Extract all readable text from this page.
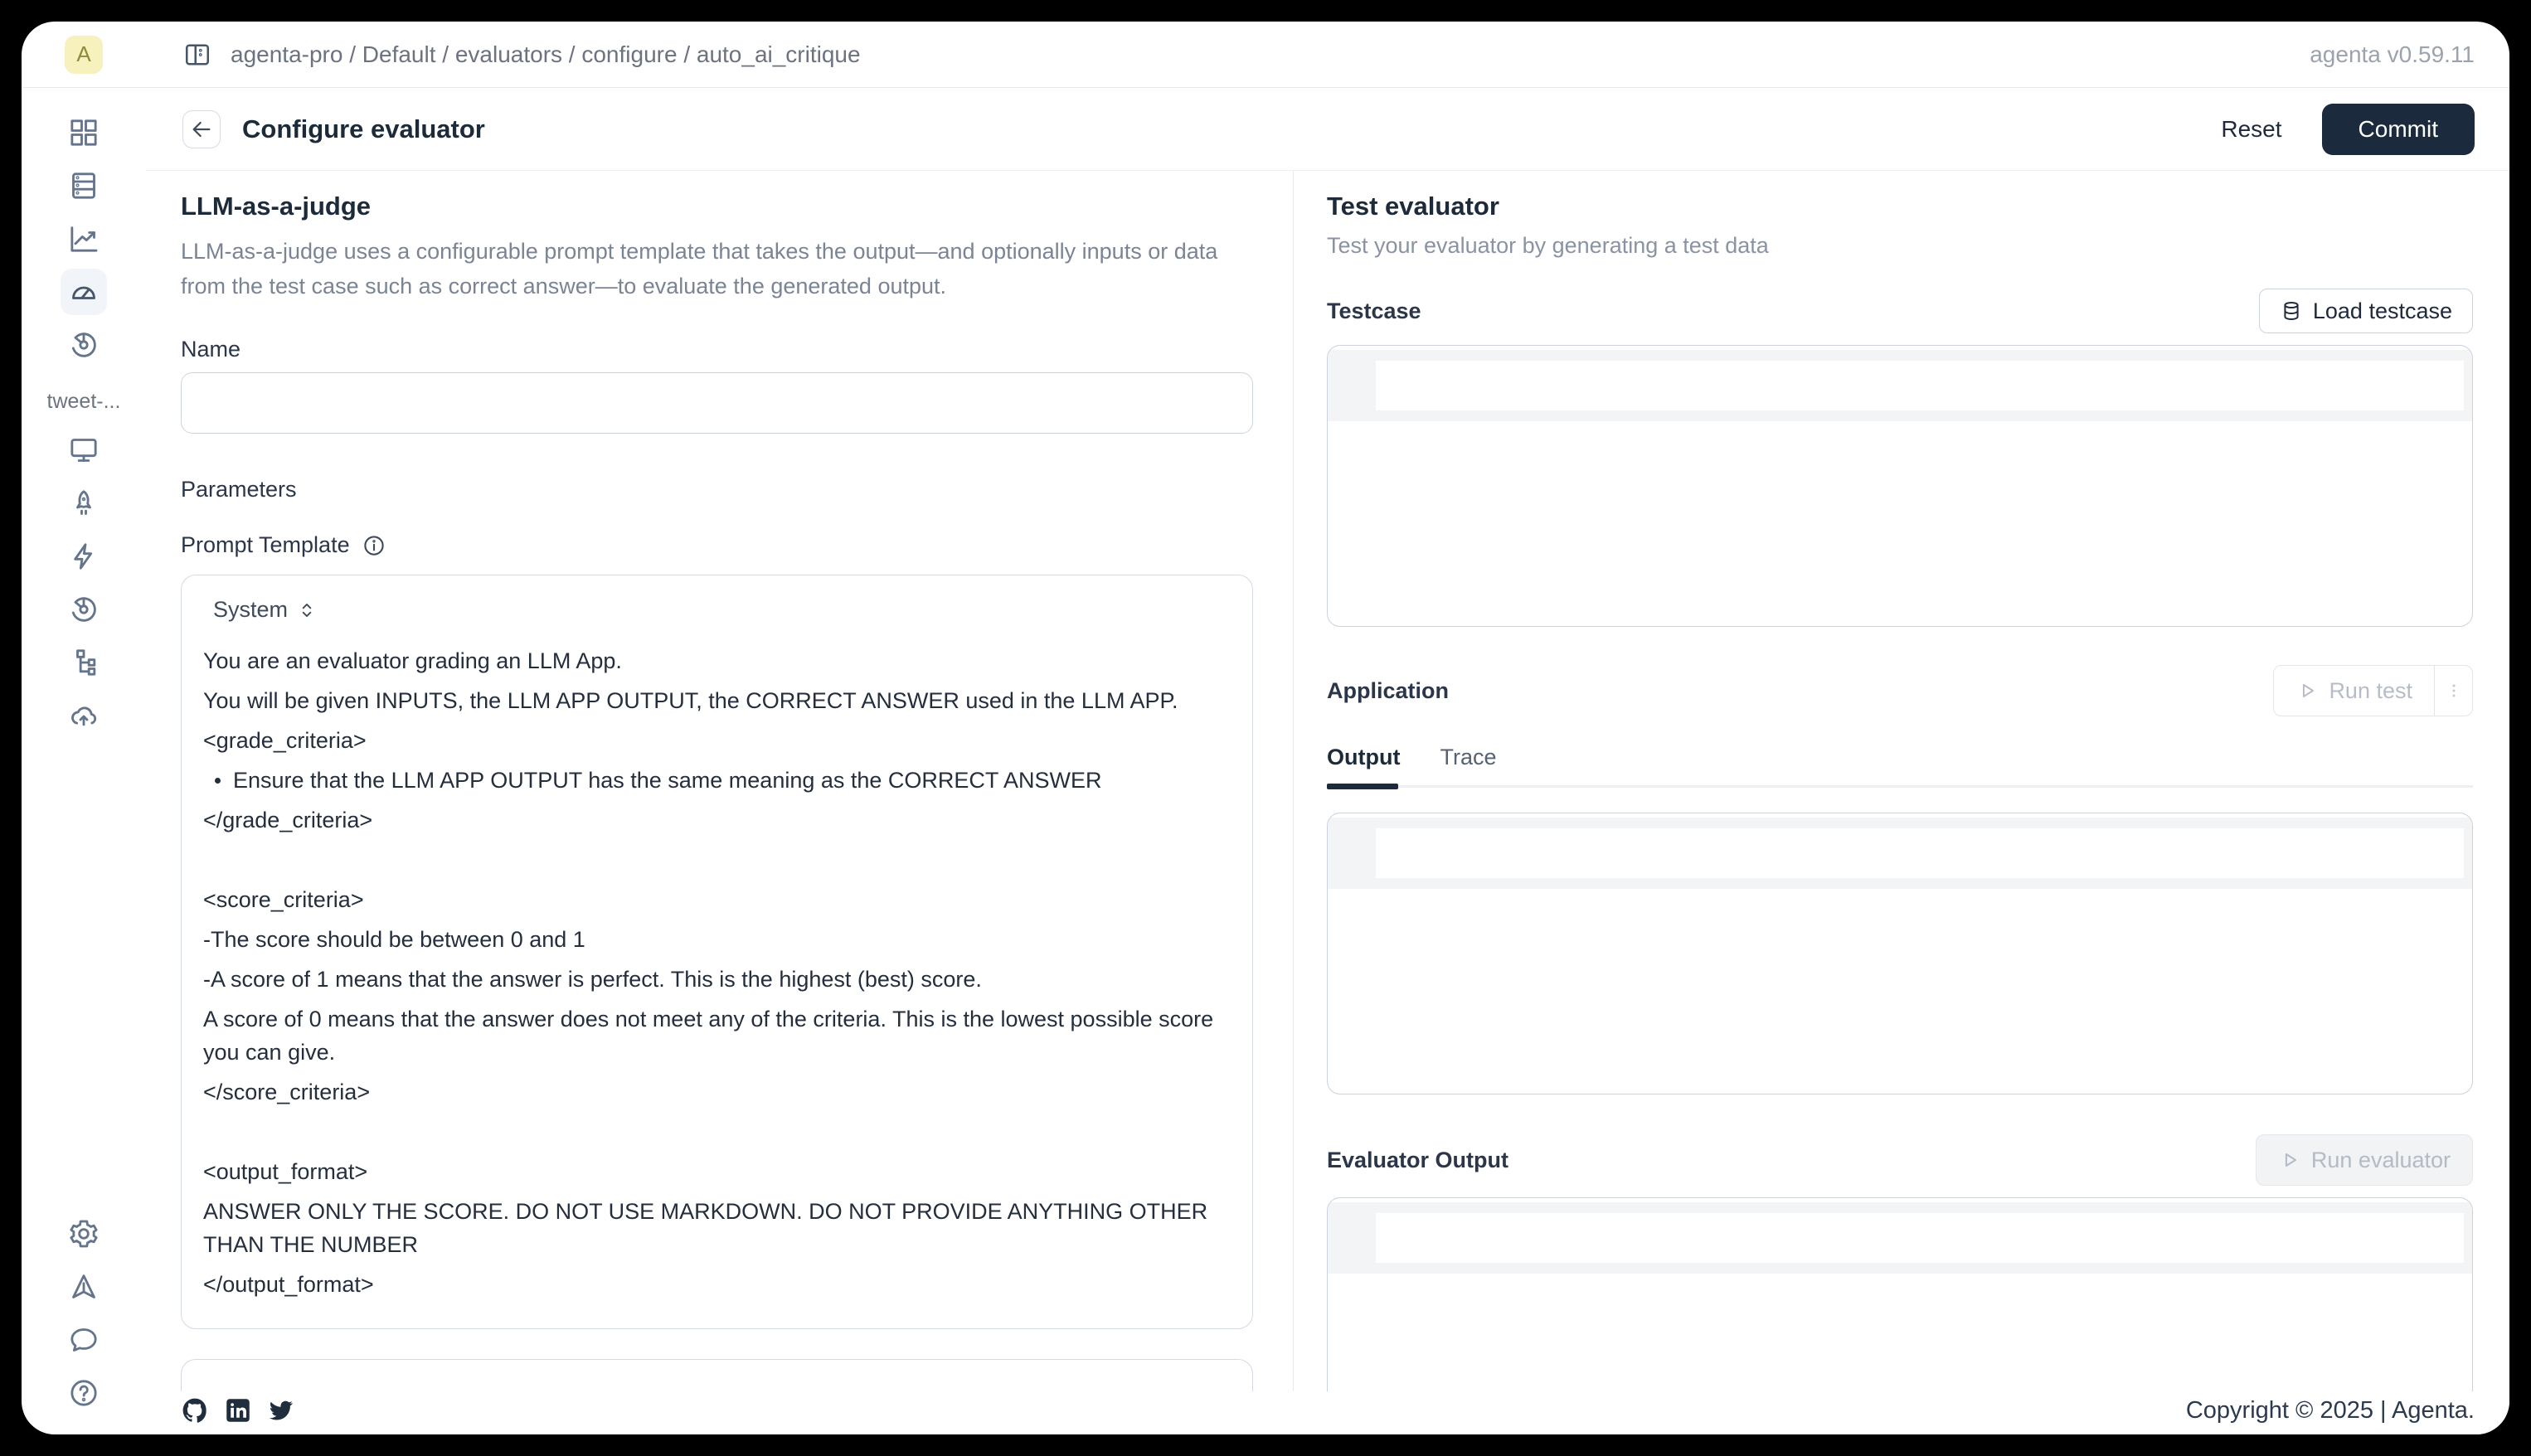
A	agenta-pro / Default / evaluators / configure / auto_ai_critique	agenta v0.59.11
tweet-...
Configure evaluator	Reset	Commit
LLM-as-a-judge
LLM-as-a-judge uses a configurable prompt template that takes the output—and optionally inputs or data from the test case such as correct answer—to evaluate the generated output.
Name
Parameters
Prompt Template
System

You are an evaluator grading an LLM App.

You will be given INPUTS, the LLM APP OUTPUT, the CORRECT ANSWER used in the LLM APP.

<grade_criteria>

Ensure that the LLM APP OUTPUT has the same meaning as the CORRECT ANSWER

</grade_criteria>

<score_criteria>

-The score should be between 0 and 1

-A score of 1 means that the answer is perfect. This is the highest (best) score.

A score of 0 means that the answer does not meet any of the criteria. This is the lowest possible score you can give.

</score_criteria>

<output_format>

ANSWER ONLY THE SCORE. DO NOT USE MARKDOWN. DO NOT PROVIDE ANYTHING OTHER THAN THE NUMBER

</output_format>

Test evaluator
Test your evaluator by generating a test data
Testcase	Load testcase
Application	Run test
Output Trace
Evaluator Output	Run evaluator
Copyright © 2025 | Agenta.
